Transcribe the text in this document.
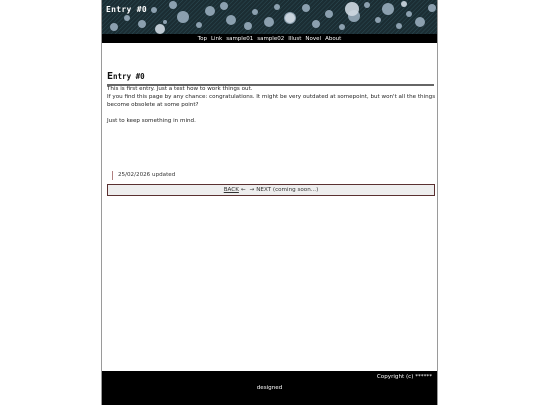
Entry #0
Top Link sample01 sample02 Illust Novel About
Entry #0

This is first entry. Just a test how to work things out.

If you find this page by any chance: congratulations. It might be very outdated at somepoint, but won't all the things become obsolete at some point?

Just to keep something in mind.

25/02/2026 updated
BACK ← → NEXT (coming soon...)
Copyright (c) ******
designed
